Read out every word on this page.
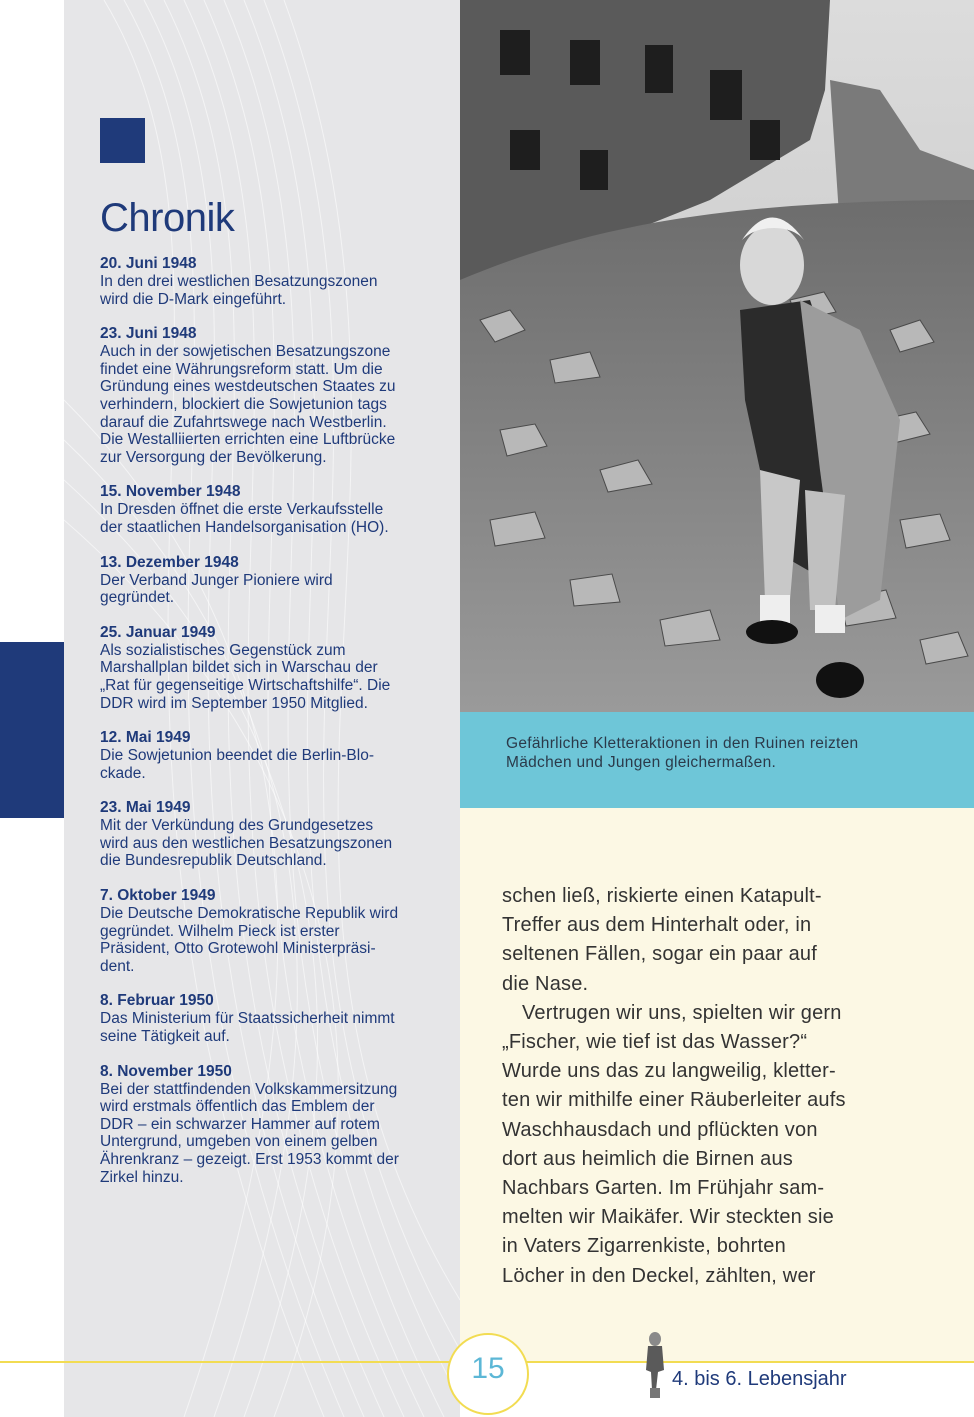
Chronik
20. Juni 1948
In den drei westlichen Besatzungszonen
wird die D-Mark eingeführt.
23. Juni 1948
Auch in der sowjetischen Besatzungszone
findet eine Währungsreform statt. Um die
Gründung eines westdeutschen Staates zu
verhindern, blockiert die Sowjetunion tags
darauf die Zufahrtswege nach Westberlin.
Die Westalliierten errichten eine Luftbrücke
zur Versorgung der Bevölkerung.
15. November 1948
In Dresden öffnet die erste Verkaufsstelle
der staatlichen Handelsorganisation (HO).
13. Dezember 1948
Der Verband Junger Pioniere wird
gegründet.
25. Januar 1949
Als sozialistisches Gegenstück zum
Marshallplan bildet sich in Warschau der
„Rat für gegenseitige Wirtschaftshilfe“. Die
DDR wird im September 1950 Mitglied.
12. Mai 1949
Die Sowjetunion beendet die Berlin-Blo-
ckade.
23. Mai 1949
Mit der Verkündung des Grundgesetzes
wird aus den westlichen Besatzungszonen
die Bundesrepublik Deutschland.
7. Oktober 1949
Die Deutsche Demokratische Republik wird
gegründet. Wilhelm Pieck ist erster
Präsident, Otto Grotewohl Ministerpräsi-
dent.
8. Februar 1950
Das Ministerium für Staatssicherheit nimmt
seine Tätigkeit auf.
8. November 1950
Bei der stattfindenden Volkskammersitzung
wird erstmals öffentlich das Emblem der
DDR – ein schwarzer Hammer auf rotem
Untergrund, umgeben von einem gelben
Ährenkranz – gezeigt. Erst 1953 kommt der
Zirkel hinzu.
Gefährliche Kletteraktionen in den Ruinen reizten
Mädchen und Jungen gleichermaßen.

schen ließ, riskierte einen Katapult-
Treffer aus dem Hinterhalt oder, in
seltenen Fällen, sogar ein paar auf
die Nase.

Vertrugen wir uns, spielten wir gern
„Fischer, wie tief ist das Wasser?“
Wurde uns das zu langweilig, kletter-
ten wir mithilfe einer Räuberleiter aufs
Waschhausdach und pflückten von
dort aus heimlich die Birnen aus
Nachbars Garten. Im Frühjahr sam-
melten wir Maikäfer. Wir steckten sie
in Vaters Zigarrenkiste, bohrten
Löcher in den Deckel, zählten, wer

15	4. bis 6. Lebensjahr
